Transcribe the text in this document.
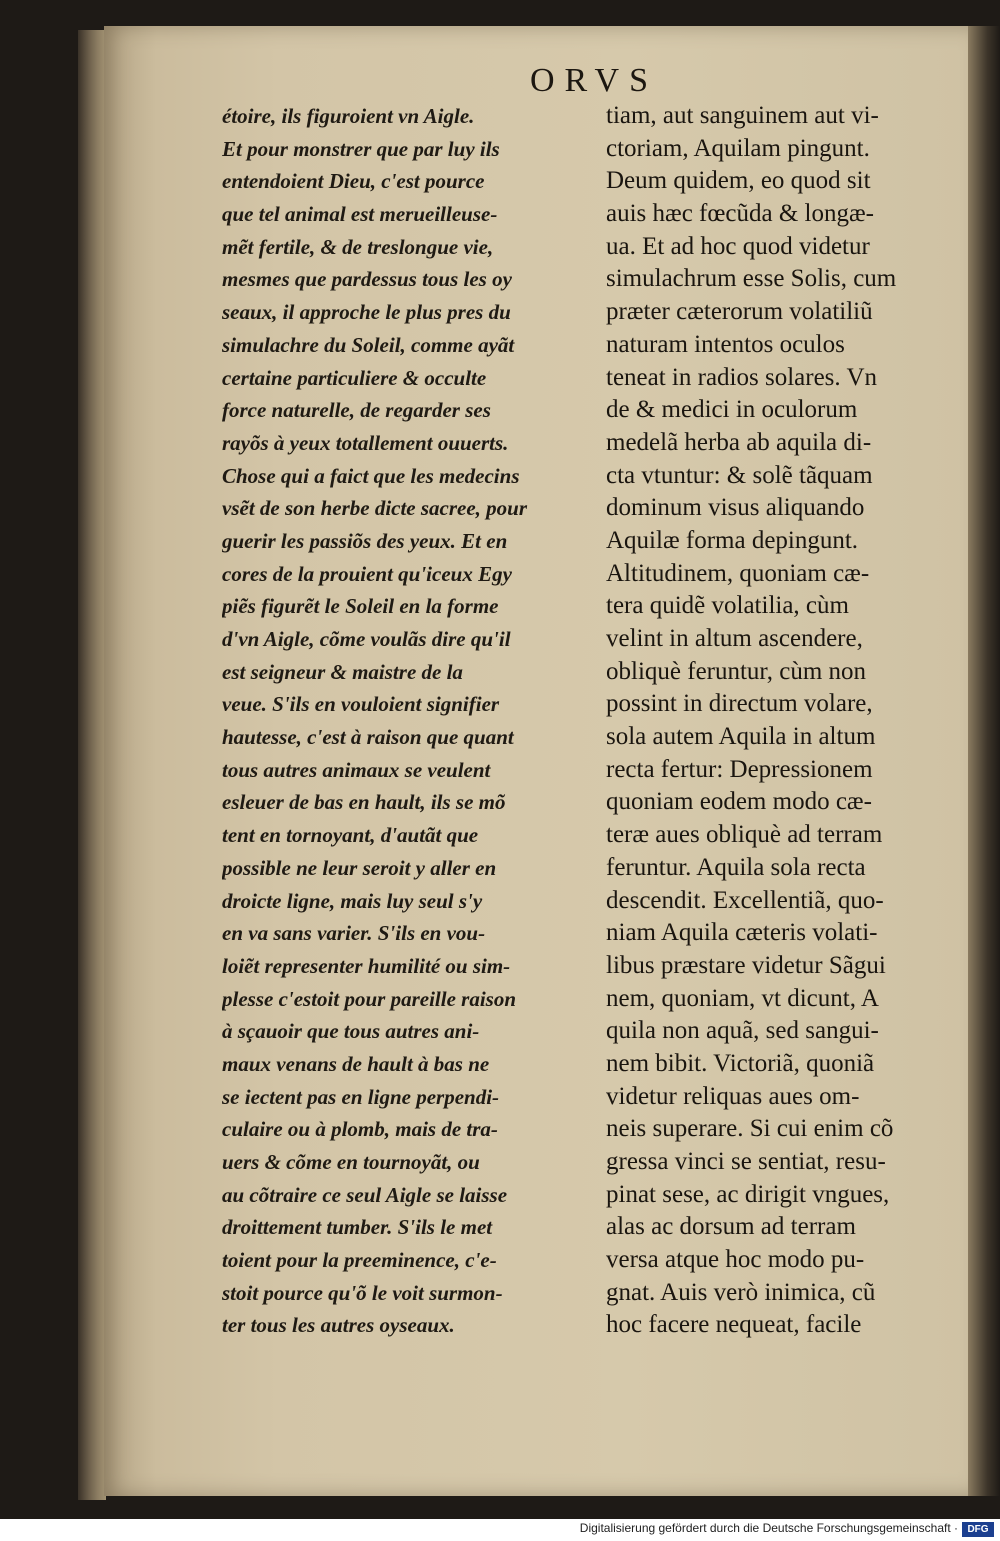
ORVS
étoire, ils figuroient vn Aigle.
Et pour monstrer que par luy ils
entendoient Dieu, c'est pource
que tel animal est merueilleuse-
mẽt fertile, & de treslongue vie,
mesmes que pardessus tous les oy
seaux, il approche le plus pres du
simulachre du Soleil, comme ayãt
certaine particuliere & occulte
force naturelle, de regarder ses
rayõs à yeux totallement ouuerts.
Chose qui a faict que les medecins
vsẽt de son herbe dicte sacree, pour
guerir les passiõs des yeux. Et en
cores de la prouient qu'iceux Egy
piẽs figurẽt le Soleil en la forme
d'vn Aigle, cõme voulãs dire qu'il
est seigneur & maistre de la
veue. S'ils en vouloient signifier
hautesse, c'est à raison que quant
tous autres animaux se veulent
esleuer de bas en hault, ils se mõ
tent en tornoyant, d'autãt que
possible ne leur seroit y aller en
droicte ligne, mais luy seul s'y
en va sans varier. S'ils en vou-
loiẽt representer humilité ou sim-
plesse c'estoit pour pareille raison
à sçauoir que tous autres ani-
maux venans de hault à bas ne
se iectent pas en ligne perpendi-
culaire ou à plomb, mais de tra-
uers & cõme en tournoyãt, ou
au cõtraire ce seul Aigle se laisse
droittement tumber. S'ils le met
toient pour la preeminence, c'e-
stoit pource qu'õ le voit surmon-
ter tous les autres oyseaux.
tiam, aut sanguinem aut vi-
ctoriam, Aquilam pingunt.
Deum quidem, eo quod sit
auis hæc fœcũda & longæ-
ua. Et ad hoc quod videtur
simulachrum esse Solis, cum
præter cæterorum volatiliũ
naturam intentos oculos
teneat in radios solares. Vn
de & medici in oculorum
medelã herba ab aquila di-
cta vtuntur: & solẽ tãquam
dominum visus aliquando
Aquilæ forma depingunt.
Altitudinem, quoniam cæ-
tera quidẽ volatilia, cùm
velint in altum ascendere,
obliquè feruntur, cùm non
possint in directum volare,
sola autem Aquila in altum
recta fertur: Depressionem
quoniam eodem modo cæ-
teræ aues obliquè ad terram
feruntur. Aquila sola recta
descendit. Excellentiã, quo-
niam Aquila cæteris volati-
libus præstare videtur Sãgui
nem, quoniam, vt dicunt, A
quila non aquã, sed sangui-
nem bibit. Victoriã, quoniã
videtur reliquas aues om-
neis superare. Si cui enim cõ
gressa vinci se sentiat, resu-
pinat sese, ac dirigit vngues,
alas ac dorsum ad terram
versa atque hoc modo pu-
gnat. Auis verò inimica, cũ
hoc facere nequeat, facile
Digitalisierung gefördert durch die Deutsche Forschungsgemeinschaft · DFG
